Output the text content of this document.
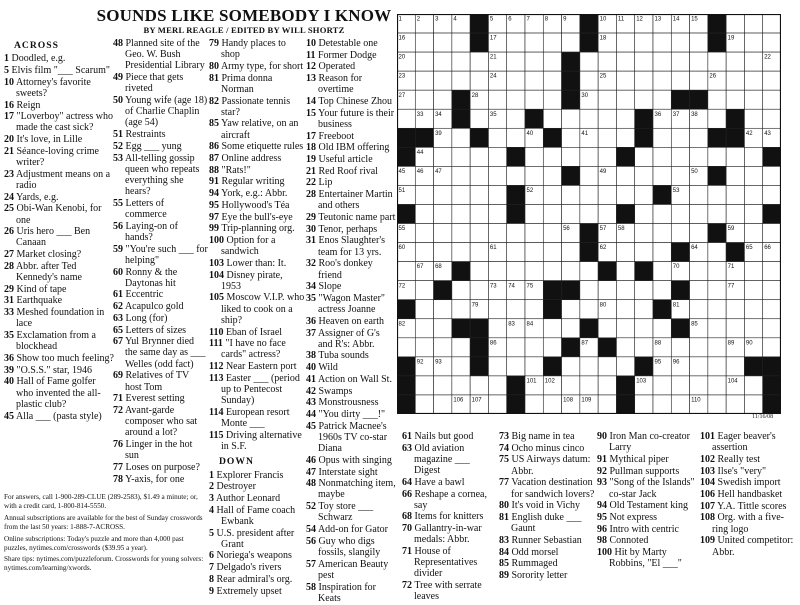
SOUNDS LIKE SOMEBODY I KNOW
BY MERL REAGLE / EDITED BY WILL SHORTZ
ACROSS
1 Doodled, e.g.
5 Elvis film "___ Scarum"
10 Attorney's favorite sweets?
16 Reign
17 "Loverboy" actress who made the cast sick?
20 It's love, in Lille
21 Séance-loving crime writer?
23 Adjustment means on a radio
24 Yards, e.g.
25 Obi-Wan Kenobi, for one
26 Uris hero ___ Ben Canaan
27 Market closing?
28 Abbr. after Ted Kennedy's name
29 Kind of tape
31 Earthquake
33 Meshed foundation in lace
35 Exclamation from a blockhead
36 Show too much feeling?
39 "O.S.S." star, 1946
40 Hall of Fame golfer who invented the all-plastic club?
45 Alla ___ (pasta style)
48 Planned site of the Geo. W. Bush Presidential Library
49 Piece that gets riveted
50 Young wife (age 18) of Charlie Chaplin (age 54)
51 Restraints
52 Egg ___ yung
53 All-telling gossip queen who repeats everything she hears?
55 Letters of commerce
56 Laying-on of hands?
59 "You're such ___ for helping"
60 Ronny & the Daytonas hit
61 Eccentric
62 Acapulco gold
63 Long (for)
65 Letters of sizes
67 Yul Brynner died the same day as ___ Welles (odd fact)
69 Relatives of TV host Tom
71 Everest setting
72 Avant-garde composer who sat around a lot?
76 Linger in the hot sun
77 Loses on purpose?
78 Y-axis, for one
79 Handy places to shop
80 Army type, for short
81 Prima donna Norman
82 Passionate tennis star?
85 Yaw relative, on an aircraft
86 Some etiquette rules
87 Online address
88 "Rats!"
91 Regular writing
94 York, e.g.: Abbr.
95 Hollywood's Téa
97 Eye the bull's-eye
99 Trip-planning org.
100 Option for a sandwich
103 Lower than: It.
104 Disney pirate, 1953
105 Moscow V.I.P. who liked to cook on a ship?
110 Eban of Israel
111 "I have no face cards" actress?
112 Near Eastern port
113 Easter ___ (period up to Pentecost Sunday)
114 European resort Monte ___
115 Driving alternative in S.F.
DOWN
1 Explorer Francis
2 Destroyer
3 Author Leonard
4 Hall of Fame coach Ewbank
5 U.S. president after Grant
6 Noriega's weapons
7 Delgado's rivers
8 Rear admiral's org.
9 Extremely upset
10 Detestable one
11 Former Dodge
12 Operated
13 Reason for overtime
14 Top Chinese Zhou
15 Your future is their business
17 Freeboot
18 Old IBM offering
19 Useful article
21 Red Roof rival
22 Lip
28 Entertainer Martin and others
29 Teutonic name part
30 Tenor, perhaps
31 Enos Slaughter's team for 13 yrs.
32 Roo's donkey friend
34 Slope
35 "Wagon Master" actress Joanne
36 Heaven on earth
37 Assigner of G's and R's: Abbr.
38 Tuba sounds
40 Wild
41 Action on Wall St.
42 Swamps
43 Monstrousness
44 "You dirty ___!"
45 Patrick Macnee's 1960s TV co-star Diana
46 Opus with singing
47 Interstate sight
48 Nonmatching item, maybe
52 Toy store ___ Schwarz
54 Add-on for Gator
56 Guy who digs fossils, slangily
57 American Beauty pest
58 Inspiration for Keats

For answers, call 1-900-289-CLUE (289-2583), $1.49 a minute; or, with a credit card, 1-800-814-5550.

Annual subscriptions are available for the best of Sunday crosswords from the last 50 years: 1-888-7-ACROSS.

Online subscriptions: Today's puzzle and more than 4,000 past puzzles, nytimes.com/crosswords ($39.95 a year).

Share tips: nytimes.com/puzzleforum. Crosswords for young solvers: nytimes.com/learning/xwords.

1 2 3 4	5 6 7 8 9	10 11 12 13 14 15
16	17	18	19
20	21	22
23	24	25	26
27	28	30
33 34	35	36 37 38
39	40	41	42 43
44
45 46 47	49	50
51	52	53
55	56	57 58	59
60	61	62	64	65 66
67 68	70	71
72	73 74 75	77
79	80	81
82	83 84	85
86	87	88	89 90
92 93	95 96
101 102	103	104
106 107	108 109	110
11/16/08
61 Nails but good
63 Old aviation magazine ___ Digest
64 Have a bawl
66 Reshape a cornea, say
68 Items for knitters
70 Gallantry-in-war medals: Abbr.
71 House of Representatives divider
72 Tree with serrate leaves
73 Big name in tea
74 Ocho minus cinco
75 US Airways datum: Abbr.
77 Vacation destination for sandwich lovers?
80 It's void in Vichy
81 English duke ___ Gaunt
83 Runner Sebastian
84 Odd morsel
85 Rummaged
89 Sorority letter
90 Iron Man co-creator Larry
91 Mythical piper
92 Pullman supports
93 "Song of the Islands" co-star Jack
94 Old Testament king
95 Not express
96 Intro with centric
98 Connoted
100 Hit by Marty Robbins, "El ___"
101 Eager beaver's assertion
102 Really test
103 Ilse's "very"
104 Swedish import
106 Hell handbasket
107 Y.A. Tittle scores
108 Org. with a five-ring logo
109 United competitor: Abbr.
